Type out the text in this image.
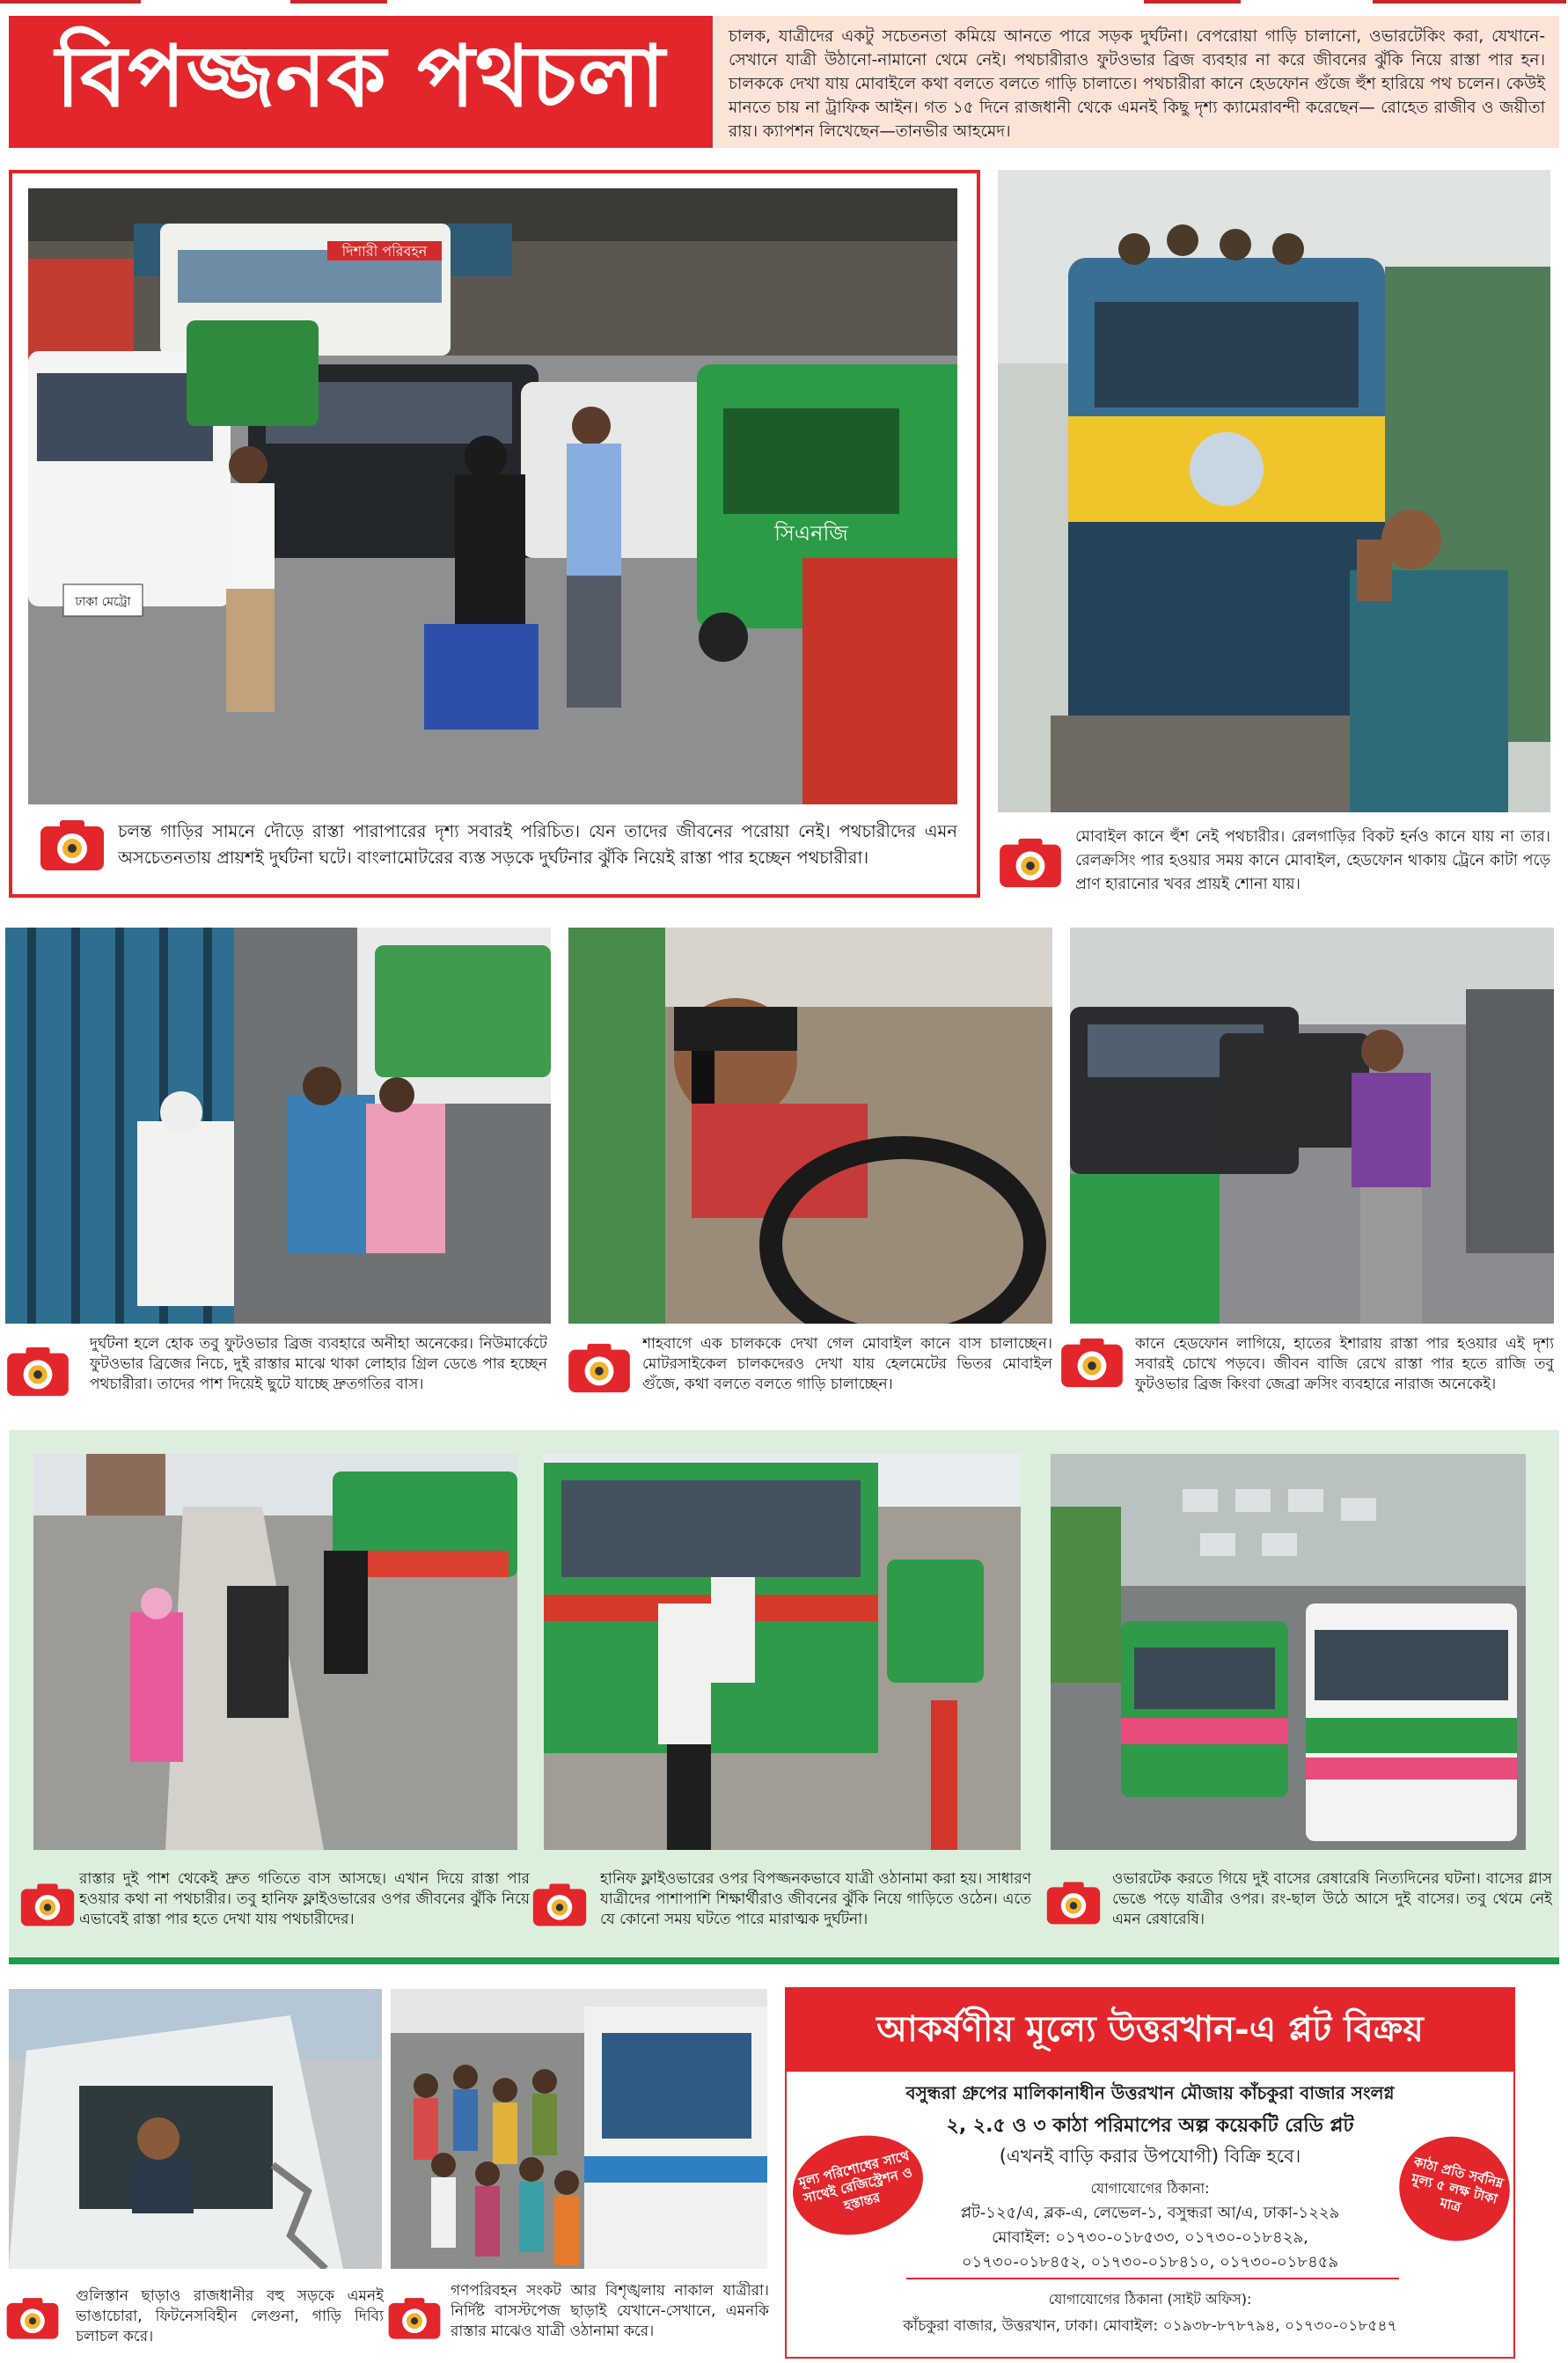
বিপজ্জনক পথচলা	চালক, যাত্রীদের একটু সচেতনতা কমিয়ে আনতে পারে সড়ক দুর্ঘটনা। বেপরোয়া গাড়ি চালানো, ওভারটেকিং করা, যেখানে-সেখানে যাত্রী উঠানো-নামানো থেমে নেই। পথচারীরাও ফুটওভার ব্রিজ ব্যবহার না করে জীবনের ঝুঁকি নিয়ে রাস্তা পার হন। চালককে দেখা যায় মোবাইলে কথা বলতে বলতে গাড়ি চালাতে। পথচারীরা কানে হেডফোন গুঁজে হুঁশ হারিয়ে পথ চলেন। কেউই মানতে চায় না ট্রাফিক আইন। গত ১৫ দিনে রাজধানী থেকে এমনই কিছু দৃশ্য ক্যামেরাবন্দী করেছেন— রোহেত রাজীব ও জয়ীতা রায়। ক্যাপশন লিখেছেন—তানভীর আহমেদ।
দিশারী পরিবহন
ঢাকা মেট্রো
সিএনজি
চলন্ত গাড়ির সামনে দৌড়ে রাস্তা পারাপারের দৃশ্য সবারই পরিচিত। যেন তাদের জীবনের পরোয়া নেই। পথচারীদের এমন অসচেতনতায় প্রায়শই দুর্ঘটনা ঘটে। বাংলামোটরের ব্যস্ত সড়কে দুর্ঘটনার ঝুঁকি নিয়েই রাস্তা পার হচ্ছেন পথচারীরা।
মোবাইল কানে হুঁশ নেই পথচারীর। রেলগাড়ির বিকট হর্নও কানে যায় না তার। রেলক্রসিং পার হওয়ার সময় কানে মোবাইল, হেডফোন থাকায় ট্রেনে কাটা পড়ে প্রাণ হারানোর খবর প্রায়ই শোনা যায়।
দুর্ঘটনা হলে হোক তবু ফুটওভার ব্রিজ ব্যবহারে অনীহা অনেকের। নিউমার্কেটে ফুটওভার ব্রিজের নিচে, দুই রাস্তার মাঝে থাকা লোহার গ্রিল ডেঙে পার হচ্ছেন পথচারীরা। তাদের পাশ দিয়েই ছুটে যাচ্ছে দ্রুতগতির বাস।
শাহবাগে এক চালককে দেখা গেল মোবাইল কানে বাস চালাচ্ছেন। মোটরসাইকেল চালকদেরও দেখা যায় হেলমেটের ভিতর মোবাইল গুঁজে, কথা বলতে বলতে গাড়ি চালাচ্ছেন।
কানে হেডফোন লাগিয়ে, হাতের ইশারায় রাস্তা পার হওয়ার এই দৃশ্য সবারই চোখে পড়বে। জীবন বাজি রেখে রাস্তা পার হতে রাজি তবু ফুটওভার ব্রিজ কিংবা জেব্রা ক্রসিং ব্যবহারে নারাজ অনেকেই।
রাস্তার দুই পাশ থেকেই দ্রুত গতিতে বাস আসছে। এখান দিয়ে রাস্তা পার হওয়ার কথা না পথচারীর। তবু হানিফ ফ্লাইওভারের ওপর জীবনের ঝুঁকি নিয়ে এভাবেই রাস্তা পার হতে দেখা যায় পথচারীদের।
হানিফ ফ্লাইওভারের ওপর বিপজ্জনকভাবে যাত্রী ওঠানামা করা হয়। সাধারণ যাত্রীদের পাশাপাশি শিক্ষার্থীরাও জীবনের ঝুঁকি নিয়ে গাড়িতে ওঠেন। এতে যে কোনো সময় ঘটতে পারে মারাত্মক দুর্ঘটনা।
ওভারটেক করতে গিয়ে দুই বাসের রেষারেষি নিত্যদিনের ঘটনা। বাসের গ্লাস ভেঙে পড়ে যাত্রীর ওপর। রং-ছাল উঠে আসে দুই বাসের। তবু থেমে নেই এমন রেষারেষি।
গুলিস্তান ছাড়াও রাজধানীর বহু সড়কে এমনই ভাঙাচোরা, ফিটনেসবিহীন লেগুনা, গাড়ি দিব্যি চলাচল করে।
গণপরিবহন সংকট আর বিশৃঙ্খলায় নাকাল যাত্রীরা। নির্দিষ্ট বাসস্টপেজ ছাড়াই যেখানে-সেখানে, এমনকি রাস্তার মাঝেও যাত্রী ওঠানামা করে।
আকর্ষণীয় মূল্যে উত্তরখান-এ প্লট বিক্রয়
বসুন্ধরা গ্রুপের মালিকানাধীন উত্তরখান মৌজায় কাঁচকুরা বাজার সংলগ্ন
২, ২.৫ ও ৩ কাঠা পরিমাপের অল্প কয়েকটি রেডি প্লট
(এখনই বাড়ি করার উপযোগী) বিক্রি হবে।
মূল্য পরিশোধের সাথে সাথেই রেজিস্ট্রেশন ও হস্তান্তর
কাঠা প্রতি সর্বনিম্ন মূল্য ৫ লক্ষ টাকা মাত্র
যোগাযোগের ঠিকানা:
প্লট-১২৫/এ, ব্লক-এ, লেভেল-১, বসুন্ধরা আ/এ, ঢাকা-১২২৯
মোবাইল: ০১৭৩০-০১৮৫৩৩, ০১৭৩০-০১৮৪২৯,
০১৭৩০-০১৮৪৫২, ০১৭৩০-০১৮৪১০, ০১৭৩০-০১৮৪৫৯
যোগাযোগের ঠিকানা (সাইট অফিস):
কাঁচকুরা বাজার, উত্তরখান, ঢাকা। মোবাইল: ০১৯৩৮-৮৭৮৭৯৪, ০১৭৩০-০১৮৫৪৭
